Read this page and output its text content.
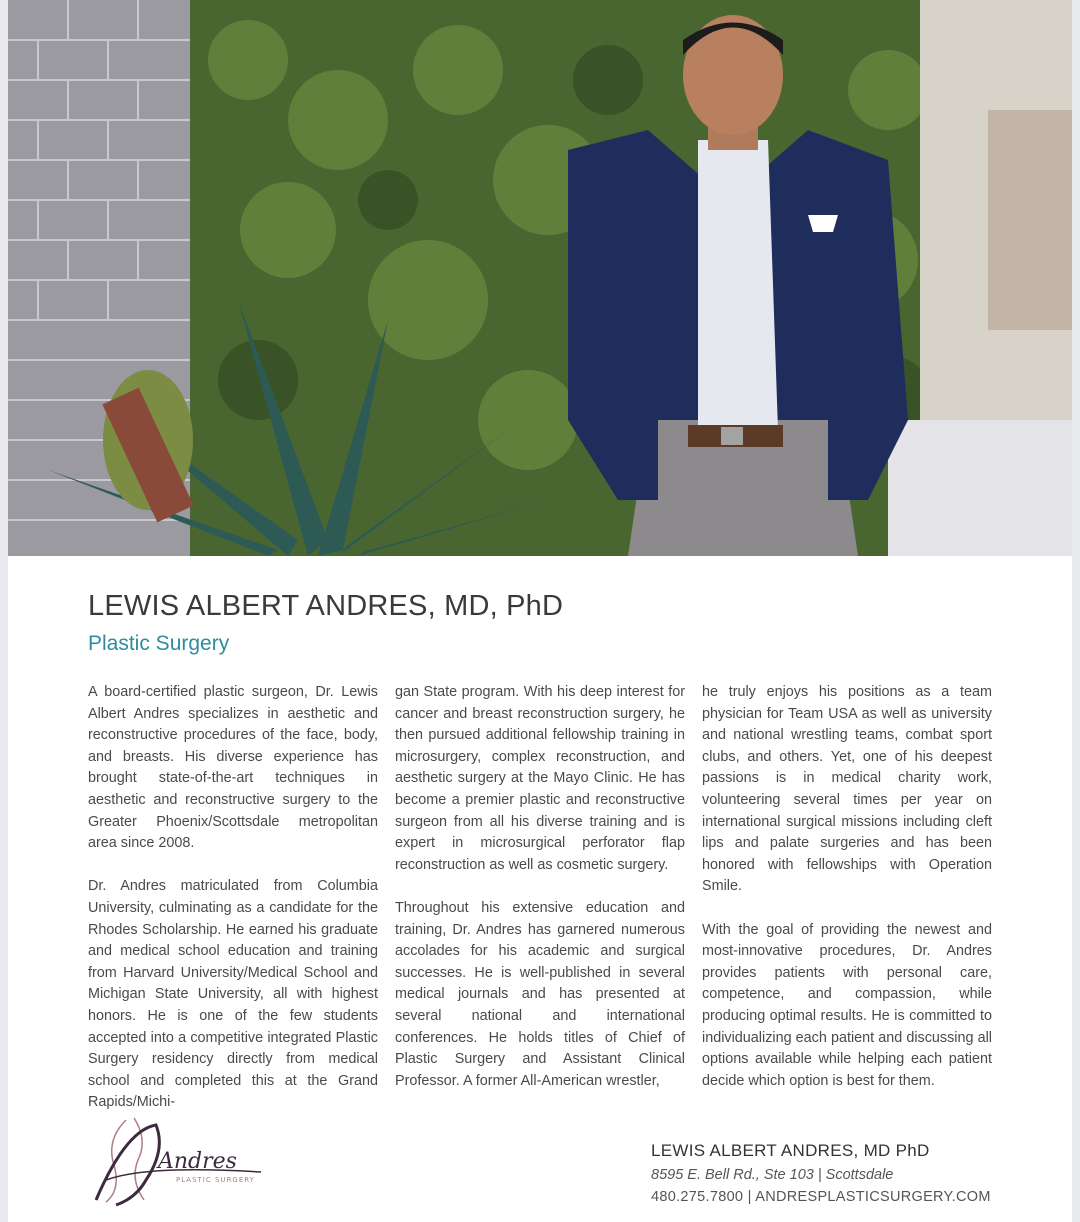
LEWIS ALBERT ANDRES, MD, PhD
Plastic Surgery

A board-certified plastic surgeon, Dr. Lewis Albert Andres specializes in aesthetic and reconstructive procedures of the face, body, and breasts. His diverse experience has brought state-of-the-art techniques in aesthetic and reconstructive surgery to the Greater Phoenix/Scottsdale metropolitan area since 2008.

Dr. Andres matriculated from Columbia University, culminating as a candidate for the Rhodes Scholarship. He earned his graduate and medical school education and training from Harvard University/Medical School and Michigan State University, all with highest honors. He is one of the few students accepted into a competitive integrated Plastic Surgery residency directly from medical school and completed this at the Grand Rapids/Michi-

gan State program. With his deep interest for cancer and breast reconstruction surgery, he then pursued additional fellowship training in microsurgery, complex reconstruction, and aesthetic surgery at the Mayo Clinic. He has become a premier plastic and reconstructive surgeon from all his diverse training and is expert in microsurgical perforator flap reconstruction as well as cosmetic surgery.

Throughout his extensive education and training, Dr. Andres has garnered numerous accolades for his academic and surgical successes. He is well-published in several medical journals and has presented at several national and international conferences. He holds titles of Chief of Plastic Surgery and Assistant Clinical Professor. A former All-American wrestler,

he truly enjoys his positions as a team physician for Team USA as well as university and national wrestling teams, combat sport clubs, and others. Yet, one of his deepest passions is in medical charity work, volunteering several times per year on international surgical missions including cleft lips and palate surgeries and has been honored with fellowships with Operation Smile.

With the goal of providing the newest and most-innovative procedures, Dr. Andres provides patients with personal care, competence, and compassion, while producing optimal results. He is committed to individualizing each patient and discussing all options available while helping each patient decide which option is best for them.

Andres
PLASTIC SURGERY
LEWIS ALBERT ANDRES, MD PhD
8595 E. Bell Rd., Ste 103 | Scottsdale
480.275.7800 | ANDRESPLASTICSURGERY.COM
